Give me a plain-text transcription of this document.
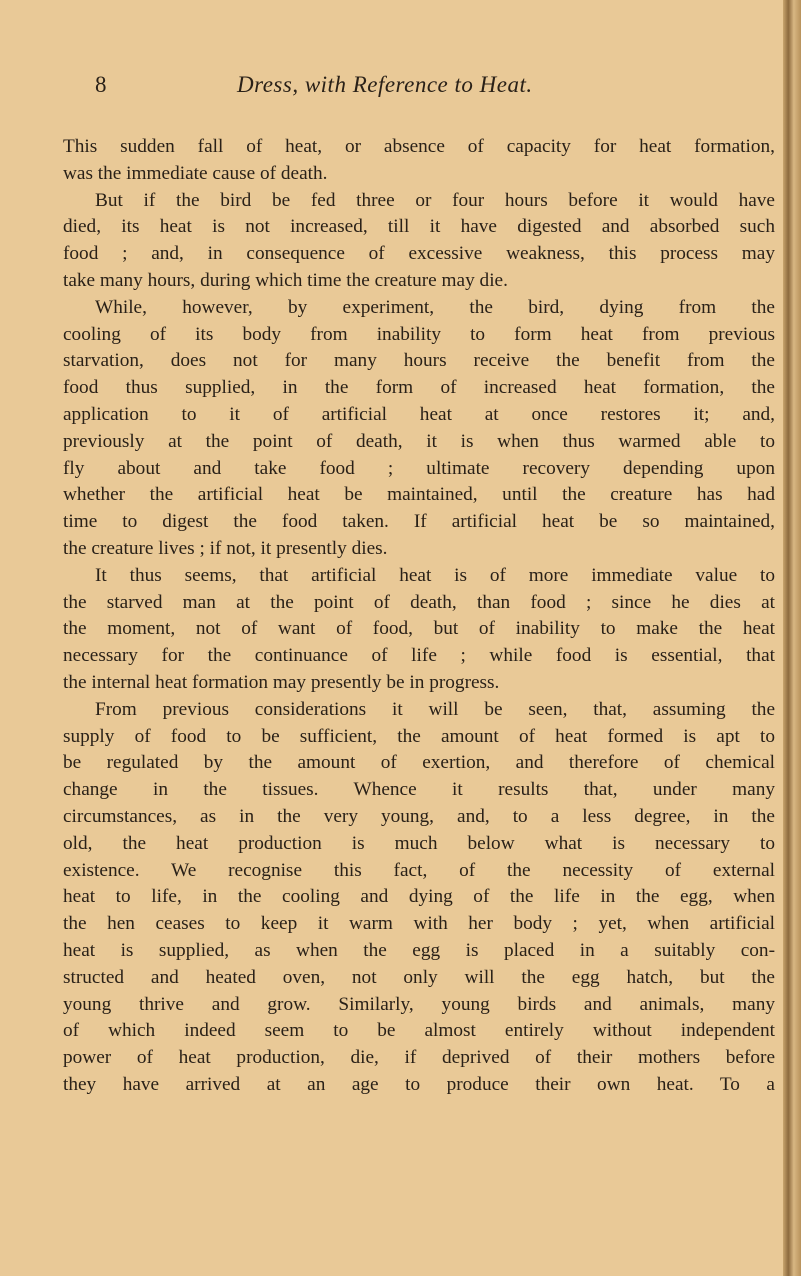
8	Dress, with Reference to Heat.
This sudden fall of heat, or absence of capacity for heat formation,
was the immediate cause of death.
But if the bird be fed three or four hours before it would have
died, its heat is not increased, till it have digested and absorbed such
food ; and, in consequence of excessive weakness, this process may
take many hours, during which time the creature may die.
While, however, by experiment, the bird, dying from the
cooling of its body from inability to form heat from previous
starvation, does not for many hours receive the benefit from the
food thus supplied, in the form of increased heat formation, the
application to it of artificial heat at once restores it; and,
previously at the point of death, it is when thus warmed able to
fly about and take food ; ultimate recovery depending upon
whether the artificial heat be maintained, until the creature has had
time to digest the food taken. If artificial heat be so maintained,
the creature lives ; if not, it presently dies.
It thus seems, that artificial heat is of more immediate value to
the starved man at the point of death, than food ; since he dies at
the moment, not of want of food, but of inability to make the heat
necessary for the continuance of life ; while food is essential, that
the internal heat formation may presently be in progress.
From previous considerations it will be seen, that, assuming the
supply of food to be sufficient, the amount of heat formed is apt to
be regulated by the amount of exertion, and therefore of chemical
change in the tissues. Whence it results that, under many
circumstances, as in the very young, and, to a less degree, in the
old, the heat production is much below what is necessary to
existence. We recognise this fact, of the necessity of external
heat to life, in the cooling and dying of the life in the egg, when
the hen ceases to keep it warm with her body ; yet, when artificial
heat is supplied, as when the egg is placed in a suitably con-
structed and heated oven, not only will the egg hatch, but the
young thrive and grow. Similarly, young birds and animals, many
of which indeed seem to be almost entirely without independent
power of heat production, die, if deprived of their mothers before
they have arrived at an age to produce their own heat. To a
